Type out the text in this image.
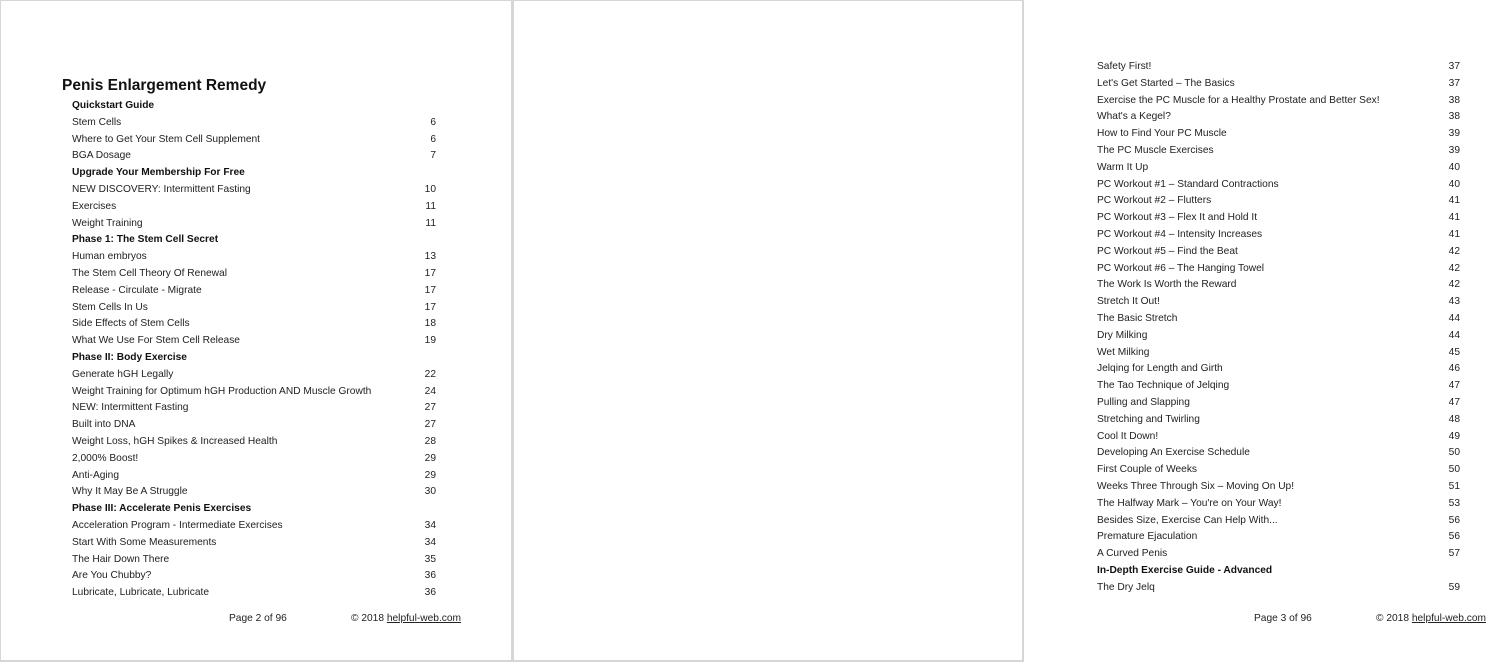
Penis Enlargement Remedy
Quickstart Guide
Stem Cells	6
Where to Get Your Stem Cell Supplement	6
BGA Dosage	7
Upgrade Your Membership For Free
NEW DISCOVERY: Intermittent Fasting	10
Exercises	11
Weight Training	11
Phase 1: The Stem Cell Secret
Human embryos	13
The Stem Cell Theory Of Renewal	17
Release - Circulate - Migrate	17
Stem Cells In Us	17
Side Effects of Stem Cells	18
What We Use For Stem Cell Release	19
Phase II: Body Exercise
Generate hGH Legally	22
Weight Training for Optimum hGH Production AND Muscle Growth	24
NEW: Intermittent Fasting	27
Built into DNA	27
Weight Loss, hGH Spikes & Increased Health	28
2,000% Boost!	29
Anti-Aging	29
Why It May Be A Struggle	30
Phase III: Accelerate Penis Exercises
Acceleration Program - Intermediate Exercises	34
Start With Some Measurements	34
The Hair Down There	35
Are You Chubby?	36
Lubricate, Lubricate, Lubricate	36
Page 2 of 96	© 2018 helpful-web.com
Safety First!	37
Let's Get Started – The Basics	37
Exercise the PC Muscle for a Healthy Prostate and Better Sex!	38
What's a Kegel?	38
How to Find Your PC Muscle	39
The PC Muscle Exercises	39
Warm It Up	40
PC Workout #1 – Standard Contractions	40
PC Workout #2 – Flutters	41
PC Workout #3 – Flex It and Hold It	41
PC Workout #4 – Intensity Increases	41
PC Workout #5 – Find the Beat	42
PC Workout #6 – The Hanging Towel	42
The Work Is Worth the Reward	42
Stretch It Out!	43
The Basic Stretch	44
Dry Milking	44
Wet Milking	45
Jelqing for Length and Girth	46
The Tao Technique of Jelqing	47
Pulling and Slapping	47
Stretching and Twirling	48
Cool It Down!	49
Developing An Exercise Schedule	50
First Couple of Weeks	50
Weeks Three Through Six – Moving On Up!	51
The Halfway Mark – You're on Your Way!	53
Besides Size, Exercise Can Help With...	56
Premature Ejaculation	56
A Curved Penis	57
In-Depth Exercise Guide - Advanced
The Dry Jelq	59
Page 3 of 96	© 2018 helpful-web.com
